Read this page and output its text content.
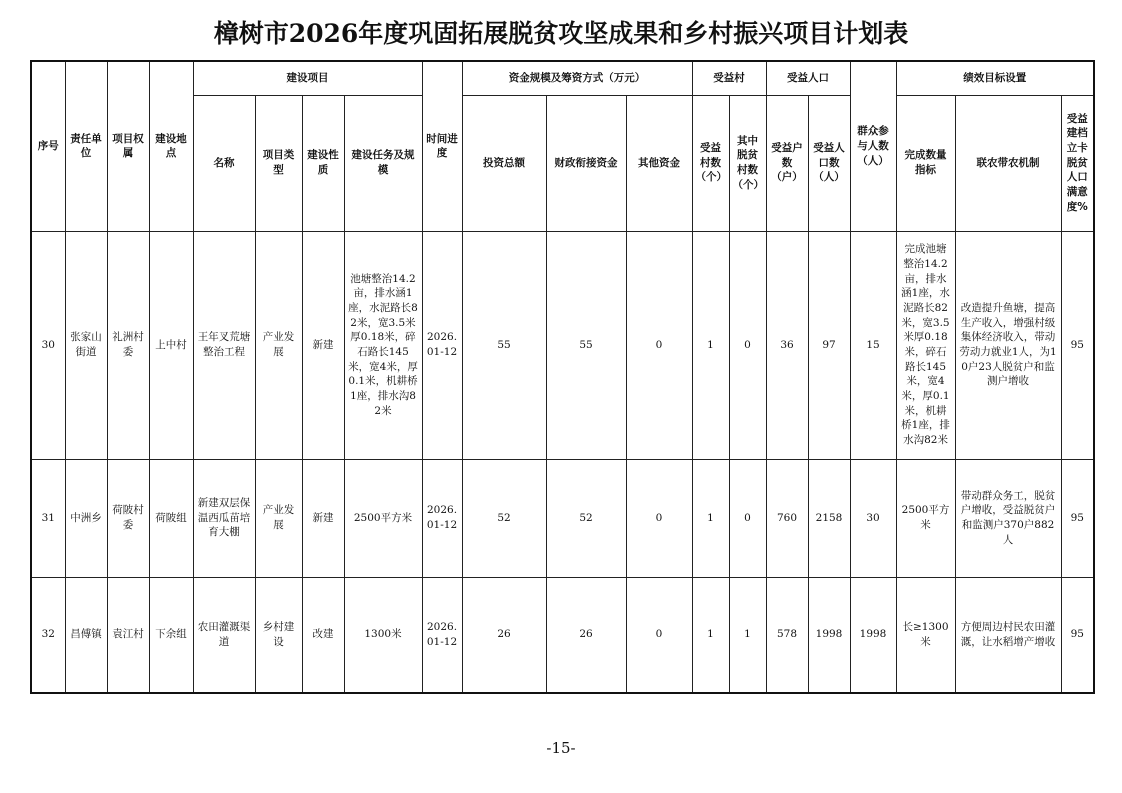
樟树市2026年度巩固拓展脱贫攻坚成果和乡村振兴项目计划表
序号	责任单位	项目权属	建设地点	建设项目				时间进度	资金规模及筹资方式（万元）			受益村		受益人口		群众参与人数（人）	绩效目标设置		
				名称	项目类型	建设性质	建设任务及规模		投资总额	财政衔接资金	其他资金	受益村数（个）	其中脱贫村数（个）	受益户数（户）	受益人口数（人）		完成数量指标	联农带农机制	受益建档立卡脱贫人口满意度%
30	张家山街道	礼洲村委	上中村	王年叉荒塘整治工程	产业发展	新建	池塘整治14.2亩，排水涵1座，水泥路长82米，宽3.5米厚0.18米，碎石路长145米，宽4米，厚0.1米，机耕桥1座，排水沟82米	2026.01-12	55	55	0	1	0	36	97	15	完成池塘整治14.2亩，排水涵1座，水泥路长82米，宽3.5米厚0.18米，碎石路长145米，宽4米，厚0.1米，机耕桥1座，排水沟82米	改造提升鱼塘，提高生产收入，增强村级集体经济收入，带动劳动力就业1人，为10户23人脱贫户和监测户增收	95
31	中洲乡	荷陂村委	荷陂组	新建双层保温西瓜苗培育大棚	产业发展	新建	2500平方米	2026.01-12	52	52	0	1	0	760	2158	30	2500平方米	带动群众务工，脱贫户增收，受益脱贫户和监测户370户882人	95
32	昌傅镇	袁江村	下余组	农田灌溉渠道	乡村建设	改建	1300米	2026.01-12	26	26	0	1	1	578	1998	1998	长≥1300米	方便周边村民农田灌溉，让水稻增产增收	95
-15-
